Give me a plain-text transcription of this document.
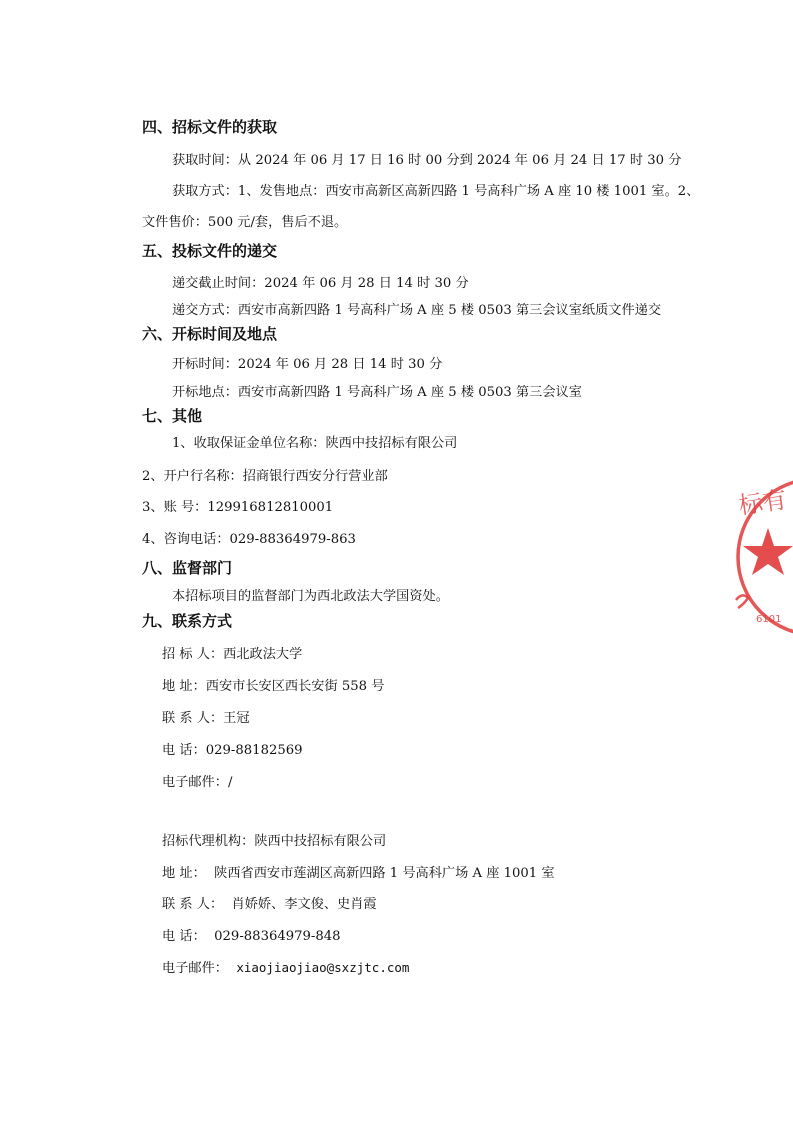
四、招标文件的获取
获取时间：从 2024 年 06 月 17 日 16 时 00 分到 2024 年 06 月 24 日 17 时 30 分
获取方式：1、发售地点：西安市高新区高新四路 1 号高科广场 A 座 10 楼 1001 室。2、
文件售价：500 元/套，售后不退。
五、投标文件的递交
递交截止时间：2024 年 06 月 28 日 14 时 30 分
递交方式：西安市高新四路 1 号高科广场 A 座 5 楼 0503 第三会议室纸质文件递交
六、开标时间及地点
开标时间：2024 年 06 月 28 日 14 时 30 分
开标地点：西安市高新四路 1 号高科广场 A 座 5 楼 0503 第三会议室
七、其他
1、收取保证金单位名称：陕西中技招标有限公司
2、开户行名称：招商银行西安分行营业部
3、账 号：129916812810001
4、咨询电话：029-88364979-863
八、监督部门
本招标项目的监督部门为西北政法大学国资处。
九、联系方式
招 标 人：西北政法大学
地 址：西安市长安区西长安街 558 号
联 系 人：王冠
电 话：029-88182569
电子邮件：/
招标代理机构：陕西中技招标有限公司
地 址： 陕西省西安市莲湖区高新四路 1 号高科广场 A 座 1001 室
联 系 人： 肖娇娇、李文俊、史肖霞
电 话： 029-88364979-848
电子邮件： xiaojiaojiao@sxzjtc.com
标有
6101
